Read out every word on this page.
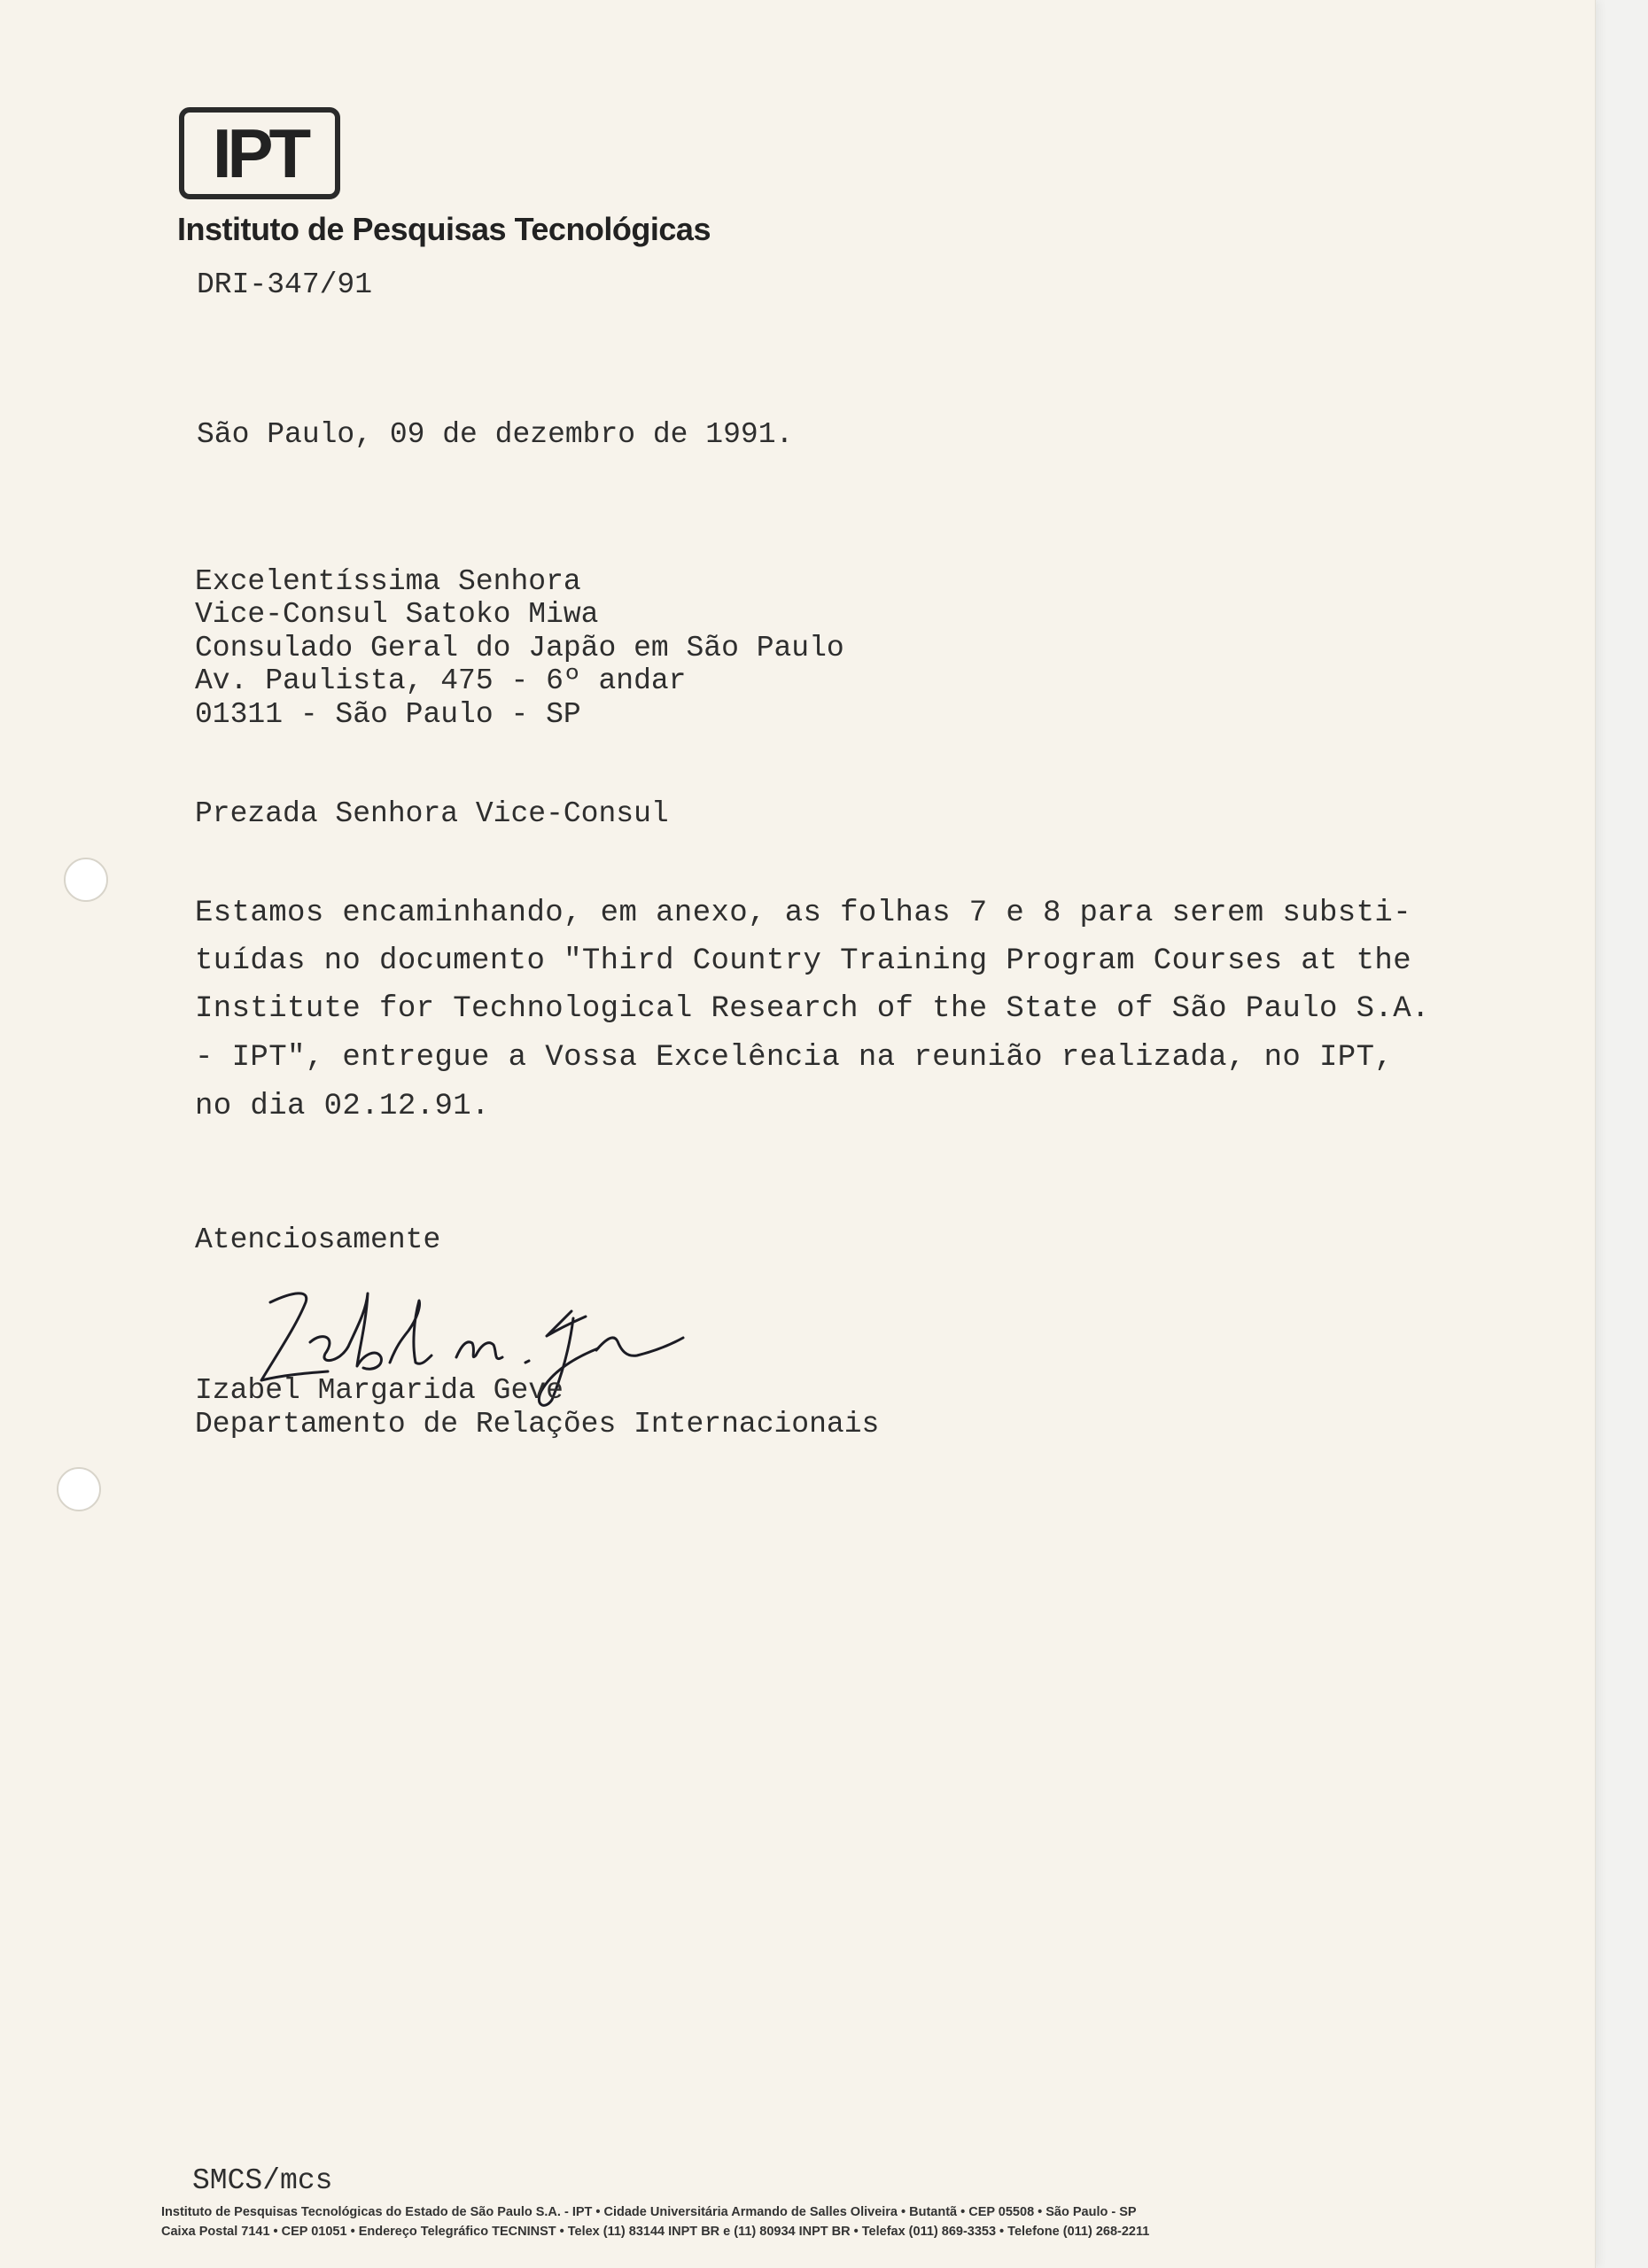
IPT
Instituto de Pesquisas Tecnológicas
DRI-347/91
São Paulo, 09 de dezembro de 1991.
Excelentíssima Senhora
Vice-Consul Satoko Miwa
Consulado Geral do Japão em São Paulo
Av. Paulista, 475 - 6º andar
01311 - São Paulo - SP
Prezada Senhora Vice-Consul
Estamos encaminhando, em anexo, as folhas 7 e 8 para serem substi-
tuídas no documento "Third Country Training Program Courses at the
Institute for Technological Research of the State of São Paulo S.A.
- IPT", entregue a Vossa Excelência na reunião realizada, no IPT,
no dia 02.12.91.
Atenciosamente
Izabel Margarida Geve
Departamento de Relações Internacionais
SMCS/mcs
Instituto de Pesquisas Tecnológicas do Estado de São Paulo S.A. - IPT • Cidade Universitária Armando de Salles Oliveira • Butantã • CEP 05508 • São Paulo - SP
Caixa Postal 7141 • CEP 01051 • Endereço Telegráfico TECNINST • Telex (11) 83144 INPT BR e (11) 80934 INPT BR • Telefax (011) 869-3353 • Telefone (011) 268-2211
